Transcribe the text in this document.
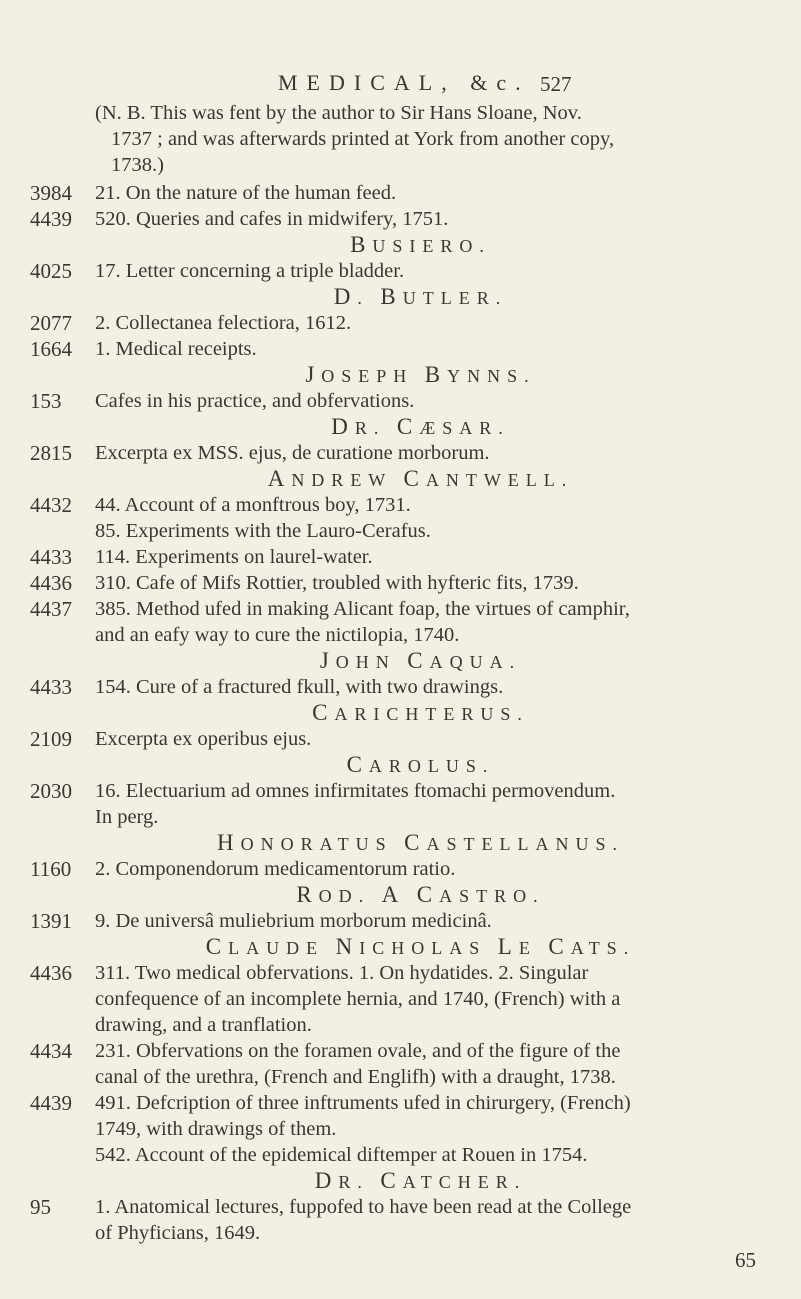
MEDICAL, &c. 527
(N. B. This was fent by the author to Sir Hans Sloane, Nov.
1737 ; and was afterwards printed at York from another copy,
1738.)
3984	21. On the nature of the human feed.
4439	520. Queries and cafes in midwifery, 1751.
BUSIERO.
4025	17. Letter concerning a triple bladder.
D. BUTLER.
2077	2. Collectanea felectiora, 1612.
1664	1. Medical receipts.
JOSEPH BYNNS.
153	Cafes in his practice, and obfervations.
DR. CÆSAR.
2815	Excerpta ex MSS. ejus, de curatione morborum.
ANDREW CANTWELL.
4432	44. Account of a monftrous boy, 1731.
85. Experiments with the Lauro-Cerafus.
4433	114. Experiments on laurel-water.
4436	310. Cafe of Mifs Rottier, troubled with hyfteric fits, 1739.
4437	385. Method ufed in making Alicant foap, the virtues of camphir,
and an eafy way to cure the nictilopia, 1740.
JOHN CAQUA.
4433	154. Cure of a fractured fkull, with two drawings.
CARICHTERUS.
2109	Excerpta ex operibus ejus.
CAROLUS.
2030	16. Electuarium ad omnes infirmitates ftomachi permovendum.
In perg.
HONORATUS CASTELLANUS.
1160	2. Componendorum medicamentorum ratio.
ROD. A CASTRO.
1391	9. De universâ muliebrium morborum medicinâ.
CLAUDE NICHOLAS LE CATS.
4436	311. Two medical obfervations. 1. On hydatides. 2. Singular
confequence of an incomplete hernia, and 1740, (French) with a
drawing, and a tranflation.
4434	231. Obfervations on the foramen ovale, and of the figure of the
canal of the urethra, (French and Englifh) with a draught, 1738.
4439	491. Defcription of three inftruments ufed in chirurgery, (French)
1749, with drawings of them.
542. Account of the epidemical diftemper at Rouen in 1754.
DR. CATCHER.
95	1. Anatomical lectures, fuppofed to have been read at the College
of Phyficians, 1649.
65
